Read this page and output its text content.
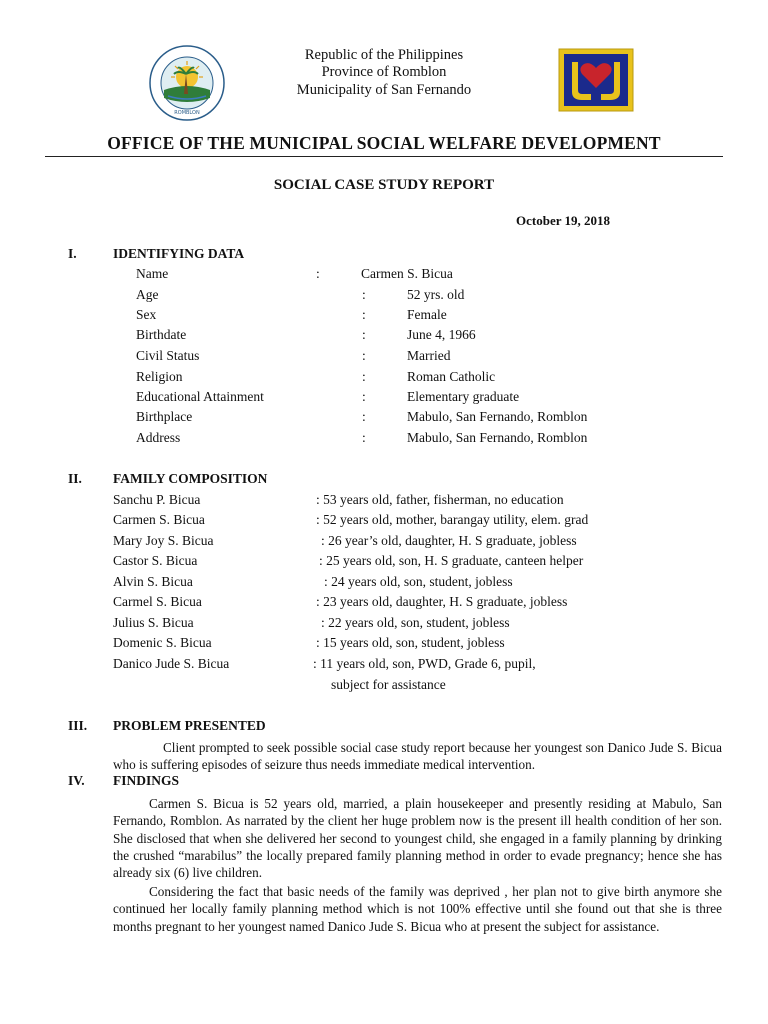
ROMBLON
Republic of the Philippines
Province of Romblon
Municipality of San Fernando
OFFICE OF THE MUNICIPAL SOCIAL WELFARE DEVELOPMENT
SOCIAL CASE STUDY REPORT
October 19, 2018
I.	IDENTIFYING DATA
Name	:	Carmen S. Bicua
Age	:	52 yrs. old
Sex	:	Female
Birthdate	:	June 4, 1966
Civil Status	:	Married
Religion	:	Roman Catholic
Educational Attainment	:	Elementary graduate
Birthplace	:	Mabulo, San Fernando, Romblon
Address	:	Mabulo, San Fernando, Romblon
II. FAMILY COMPOSITION
Sanchu P. Bicua	: 53 years old, father, fisherman, no education
Carmen S. Bicua	: 52 years old, mother, barangay utility, elem. grad
Mary Joy S. Bicua	: 26 year’s old, daughter, H. S graduate, jobless
Castor S. Bicua	: 25 years old, son, H. S graduate, canteen helper
Alvin S. Bicua	: 24 years old, son, student, jobless
Carmel S. Bicua	: 23 years old, daughter, H. S graduate, jobless
Julius S. Bicua	: 22 years old, son, student, jobless
Domenic S. Bicua	: 15 years old, son, student, jobless
Danico Jude S. Bicua	: 11 years old, son, PWD, Grade 6, pupil,
subject for assistance
III. PROBLEM PRESENTED
Client prompted to seek possible social case study report because her youngest son Danico Jude S. Bicua who is suffering episodes of seizure thus needs immediate medical intervention.
IV. FINDINGS
Carmen S. Bicua is 52 years old, married, a plain housekeeper and presently residing at Mabulo, San Fernando, Romblon. As narrated by the client her huge problem now is the present ill health condition of her son. She disclosed that when she delivered her second to youngest child, she engaged in a family planning by drinking the crushed “marabilus” the locally prepared family planning method in order to evade pregnancy; hence she has already six (6) live children.
Considering the fact that basic needs of the family was deprived , her plan not to give birth anymore she continued her locally family planning method which is not 100% effective until she found out that she is three months pregnant to her youngest named Danico Jude S. Bicua who at present the subject for assistance.
